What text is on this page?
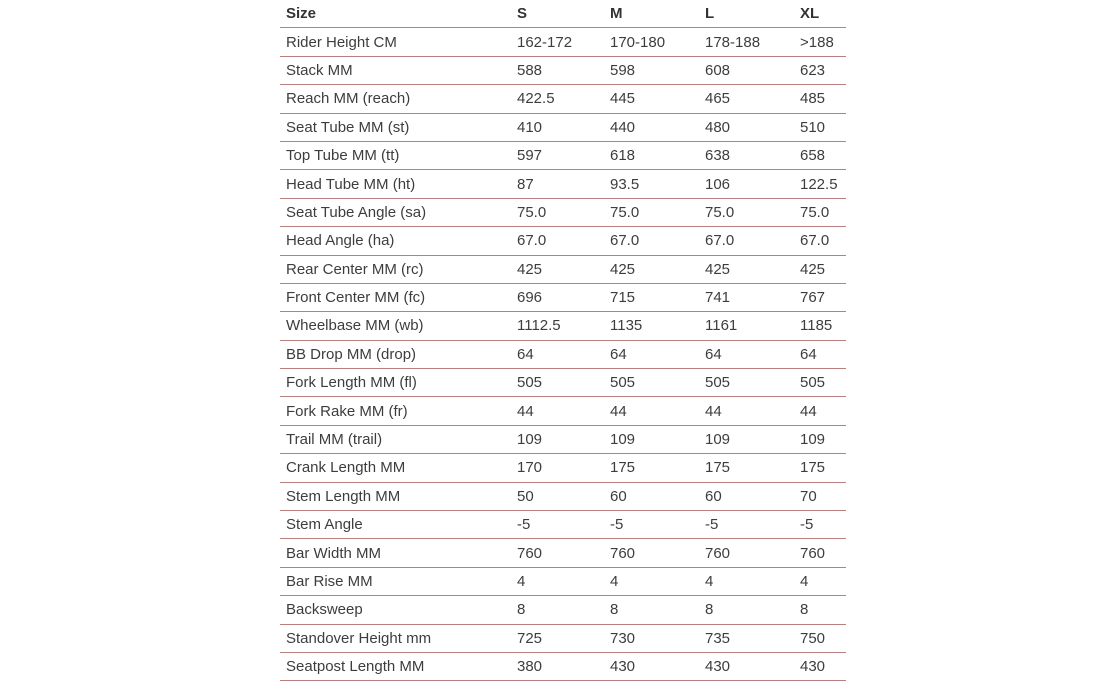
Size	S	M	L	XL
Rider Height CM	162-172	170-180	178-188	>188
Stack MM	588	598	608	623
Reach MM (reach)	422.5	445	465	485
Seat Tube MM (st)	410	440	480	510
Top Tube MM (tt)	597	618	638	658
Head Tube MM (ht)	87	93.5	106	122.5
Seat Tube Angle (sa)	75.0	75.0	75.0	75.0
Head Angle (ha)	67.0	67.0	67.0	67.0
Rear Center MM (rc)	425	425	425	425
Front Center MM (fc)	696	715	741	767
Wheelbase MM (wb)	1112.5	1135	1161	1185
BB Drop MM (drop)	64	64	64	64
Fork Length MM (fl)	505	505	505	505
Fork Rake MM (fr)	44	44	44	44
Trail MM (trail)	109	109	109	109
Crank Length MM	170	175	175	175
Stem Length MM	50	60	60	70
Stem Angle	-5	-5	-5	-5
Bar Width MM	760	760	760	760
Bar Rise MM	4	4	4	4
Backsweep	8	8	8	8
Standover Height mm	725	730	735	750
Seatpost Length MM	380	430	430	430
